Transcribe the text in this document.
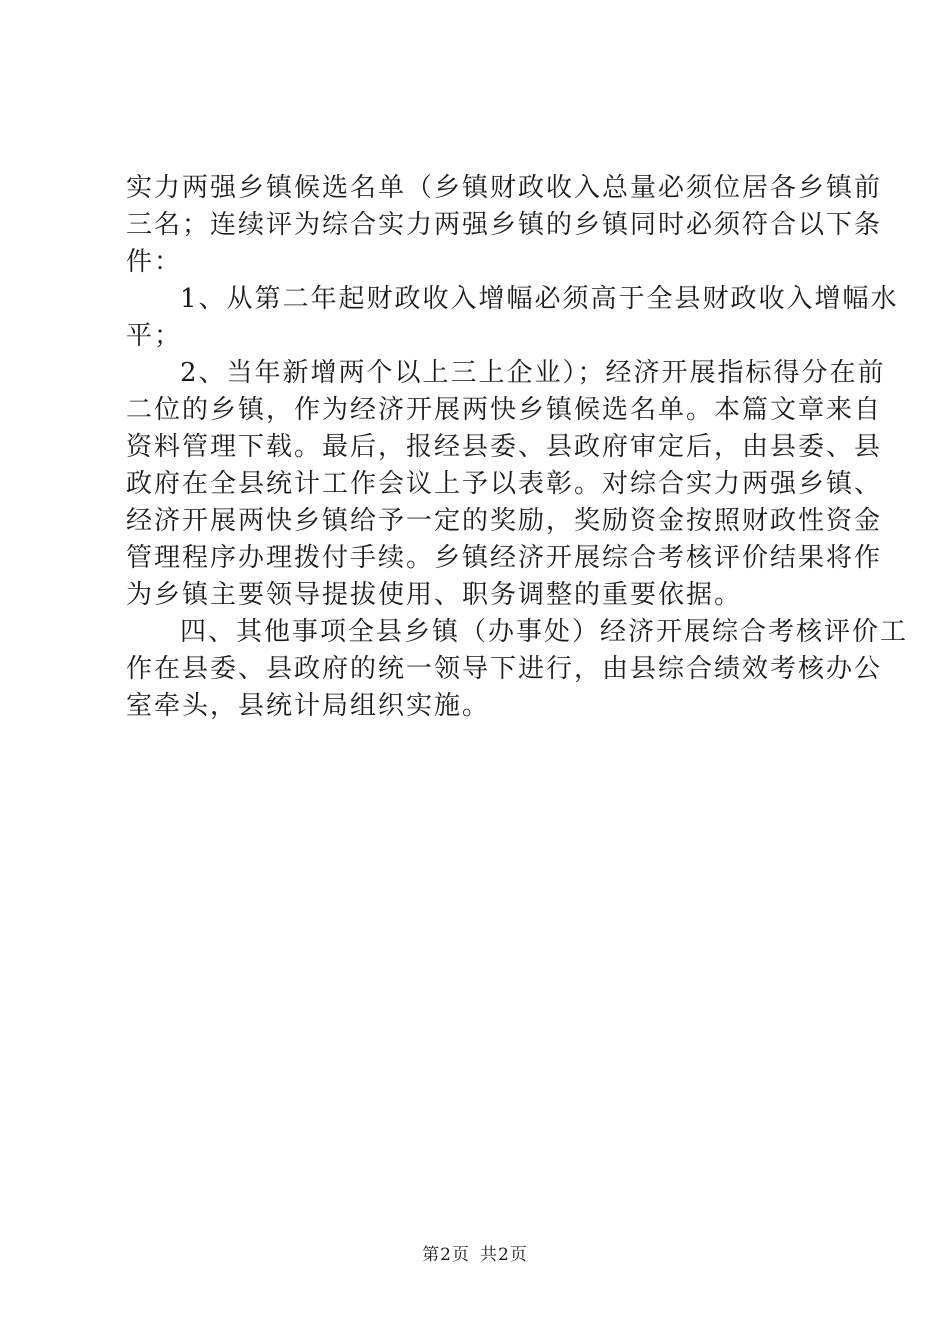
实力两强乡镇候选名单（乡镇财政收入总量必须位居各乡镇前
三名；连续评为综合实力两强乡镇的乡镇同时必须符合以下条
件：
1、从第二年起财政收入增幅必须高于全县财政收入增幅水
平；
2、当年新增两个以上三上企业）；经济开展指标得分在前
二位的乡镇，作为经济开展两快乡镇候选名单。本篇文章来自
资料管理下载。最后，报经县委、县政府审定后，由县委、县
政府在全县统计工作会议上予以表彰。对综合实力两强乡镇、
经济开展两快乡镇给予一定的奖励，奖励资金按照财政性资金
管理程序办理拨付手续。乡镇经济开展综合考核评价结果将作
为乡镇主要领导提拔使用、职务调整的重要依据。
四、其他事项全县乡镇（办事处）经济开展综合考核评价工
作在县委、县政府的统一领导下进行，由县综合绩效考核办公
室牵头，县统计局组织实施。
第2页 共2页
